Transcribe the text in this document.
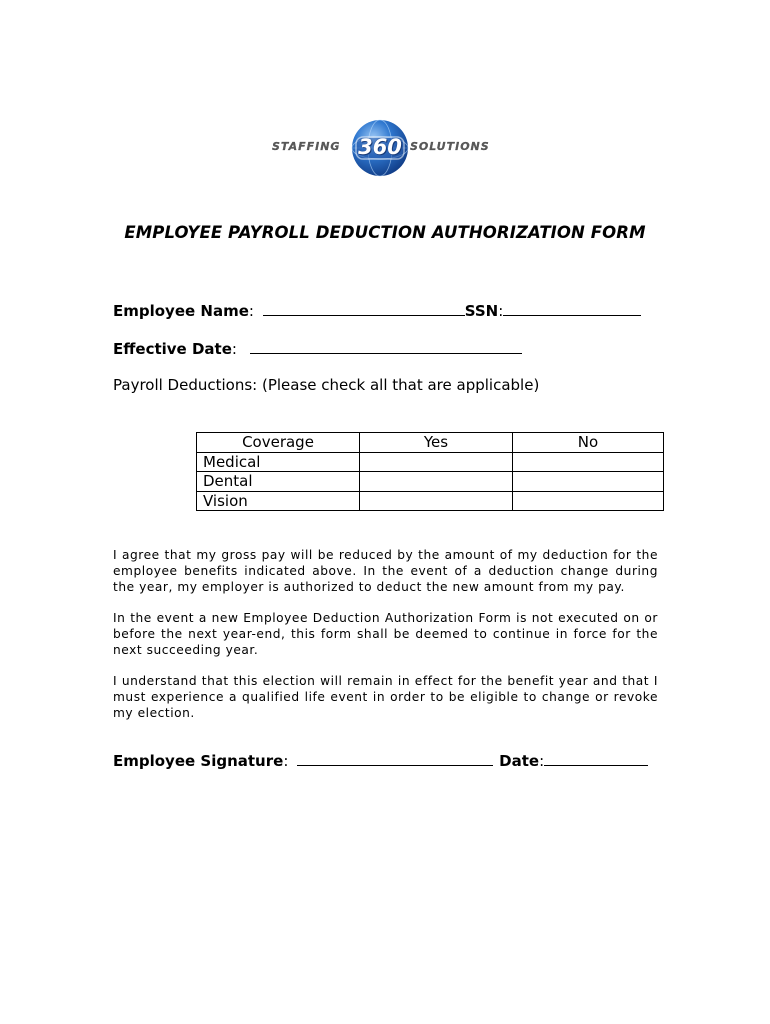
STAFFING 360 SOLUTIONS
EMPLOYEE PAYROLL DEDUCTION AUTHORIZATION FORM
Employee Name:	SSN:
Effective Date:
Payroll Deductions: (Please check all that are applicable)
Coverage	Yes	No
Medical		
Dental		
Vision		

I agree that my gross pay will be reduced by the amount of my deduction for the employee benefits indicated above. In the event of a deduction change during the year, my employer is authorized to deduct the new amount from my pay.

In the event a new Employee Deduction Authorization Form is not executed on or before the next year-end, this form shall be deemed to continue in force for the next succeeding year.

I understand that this election will remain in effect for the benefit year and that I must experience a qualified life event in order to be eligible to change or revoke my election.

Employee Signature:	Date:
